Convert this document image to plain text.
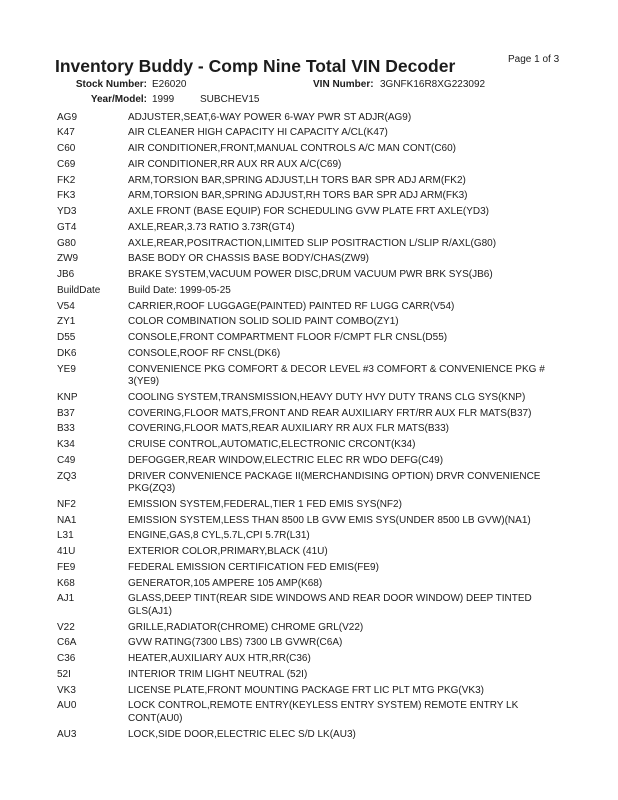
Inventory Buddy - Comp Nine Total VIN Decoder	Page 1 of 3
Stock Number: E26020	VIN Number: 3GNFK16R8XG223092
Year/Model: 1999	SUBCHEV15
AG9	ADJUSTER,SEAT,6-WAY POWER 6-WAY PWR ST ADJR(AG9)
K47	AIR CLEANER HIGH CAPACITY HI CAPACITY A/CL(K47)
C60	AIR CONDITIONER,FRONT,MANUAL CONTROLS A/C MAN CONT(C60)
C69	AIR CONDITIONER,RR AUX RR AUX A/C(C69)
FK2	ARM,TORSION BAR,SPRING ADJUST,LH TORS BAR SPR ADJ ARM(FK2)
FK3	ARM,TORSION BAR,SPRING ADJUST,RH TORS BAR SPR ADJ ARM(FK3)
YD3	AXLE FRONT (BASE EQUIP) FOR SCHEDULING GVW PLATE FRT AXLE(YD3)
GT4	AXLE,REAR,3.73 RATIO 3.73R(GT4)
G80	AXLE,REAR,POSITRACTION,LIMITED SLIP POSITRACTION L/SLIP R/AXL(G80)
ZW9	BASE BODY OR CHASSIS BASE BODY/CHAS(ZW9)
JB6	BRAKE SYSTEM,VACUUM POWER DISC,DRUM VACUUM PWR BRK SYS(JB6)
BuildDate	Build Date: 1999-05-25
V54	CARRIER,ROOF LUGGAGE(PAINTED) PAINTED RF LUGG CARR(V54)
ZY1	COLOR COMBINATION SOLID SOLID PAINT COMBO(ZY1)
D55	CONSOLE,FRONT COMPARTMENT FLOOR F/CMPT FLR CNSL(D55)
DK6	CONSOLE,ROOF RF CNSL(DK6)
YE9	CONVENIENCE PKG COMFORT & DECOR LEVEL #3 COMFORT & CONVENIENCE PKG # 3(YE9)
KNP	COOLING SYSTEM,TRANSMISSION,HEAVY DUTY HVY DUTY TRANS CLG SYS(KNP)
B37	COVERING,FLOOR MATS,FRONT AND REAR AUXILIARY FRT/RR AUX FLR MATS(B37)
B33	COVERING,FLOOR MATS,REAR AUXILIARY RR AUX FLR MATS(B33)
K34	CRUISE CONTROL,AUTOMATIC,ELECTRONIC CRCONT(K34)
C49	DEFOGGER,REAR WINDOW,ELECTRIC ELEC RR WDO DEFG(C49)
ZQ3	DRIVER CONVENIENCE PACKAGE II(MERCHANDISING OPTION) DRVR CONVENIENCE PKG(ZQ3)
NF2	EMISSION SYSTEM,FEDERAL,TIER 1 FED EMIS SYS(NF2)
NA1	EMISSION SYSTEM,LESS THAN 8500 LB GVW EMIS SYS(UNDER 8500 LB GVW)(NA1)
L31	ENGINE,GAS,8 CYL,5.7L,CPI 5.7R(L31)
41U	EXTERIOR COLOR,PRIMARY,BLACK (41U)
FE9	FEDERAL EMISSION CERTIFICATION FED EMIS(FE9)
K68	GENERATOR,105 AMPERE 105 AMP(K68)
AJ1	GLASS,DEEP TINT(REAR SIDE WINDOWS AND REAR DOOR WINDOW) DEEP TINTED GLS(AJ1)
V22	GRILLE,RADIATOR(CHROME) CHROME GRL(V22)
C6A	GVW RATING(7300 LBS) 7300 LB GVWR(C6A)
C36	HEATER,AUXILIARY AUX HTR,RR(C36)
52I	INTERIOR TRIM LIGHT NEUTRAL (52I)
VK3	LICENSE PLATE,FRONT MOUNTING PACKAGE FRT LIC PLT MTG PKG(VK3)
AU0	LOCK CONTROL,REMOTE ENTRY(KEYLESS ENTRY SYSTEM) REMOTE ENTRY LK CONT(AU0)
AU3	LOCK,SIDE DOOR,ELECTRIC ELEC S/D LK(AU3)
